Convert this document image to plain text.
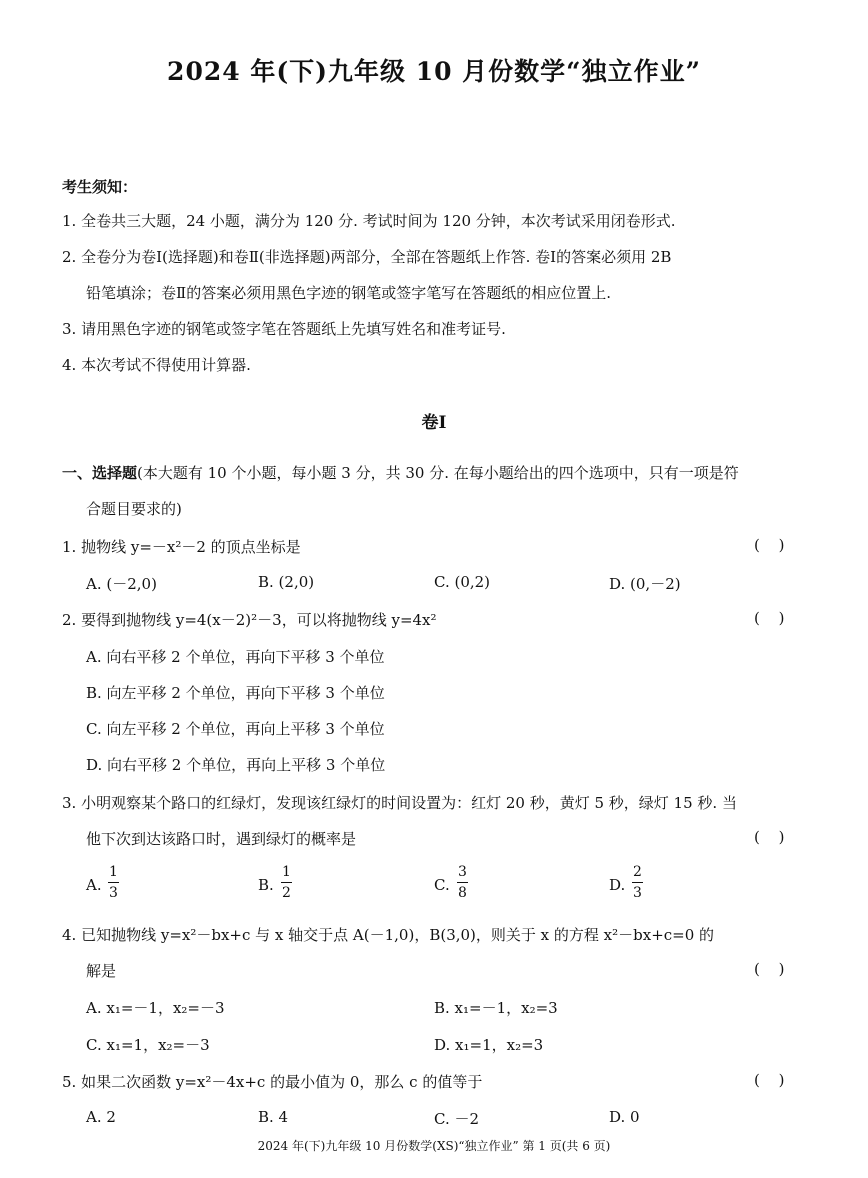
2024 年(下)九年级 10 月份数学“独立作业”
考生须知：
1. 全卷共三大题，24 小题，满分为 120 分. 考试时间为 120 分钟，本次考试采用闭卷形式.
2. 全卷分为卷Ⅰ(选择题)和卷Ⅱ(非选择题)两部分，全部在答题纸上作答. 卷Ⅰ的答案必须用 2B
铅笔填涂；卷Ⅱ的答案必须用黑色字迹的钢笔或签字笔写在答题纸的相应位置上.
3. 请用黑色字迹的钢笔或签字笔在答题纸上先填写姓名和准考证号.
4. 本次考试不得使用计算器.
卷Ⅰ
一、选择题(本大题有 10 个小题，每小题 3 分，共 30 分. 在每小题给出的四个选项中，只有一项是符
合题目要求的)
1. 抛物线 y=－x²－2 的顶点坐标是	( )
A. (－2,0)	B. (2,0)	C. (0,2)	D. (0,－2)
2. 要得到抛物线 y=4(x－2)²－3，可以将抛物线 y=4x²	( )
A. 向右平移 2 个单位，再向下平移 3 个单位
B. 向左平移 2 个单位，再向下平移 3 个单位
C. 向左平移 2 个单位，再向上平移 3 个单位
D. 向右平移 2 个单位，再向上平移 3 个单位
3. 小明观察某个路口的红绿灯，发现该红绿灯的时间设置为：红灯 20 秒，黄灯 5 秒，绿灯 15 秒. 当
他下次到达该路口时，遇到绿灯的概率是	( )
A.
1
3	B.
1
2	C.
3
8	D.
2
3
4. 已知抛物线 y=x²－bx+c 与 x 轴交于点 A(－1,0)，B(3,0)，则关于 x 的方程 x²－bx+c=0 的
解是	( )
A. x₁=－1，x₂=－3	B. x₁=－1，x₂=3
C. x₁=1，x₂=－3	D. x₁=1，x₂=3
5. 如果二次函数 y=x²－4x+c 的最小值为 0，那么 c 的值等于	( )
A. 2	B. 4	C. －2	D. 0
2024 年(下)九年级 10 月份数学(XS)“独立作业” 第 1 页(共 6 页)
